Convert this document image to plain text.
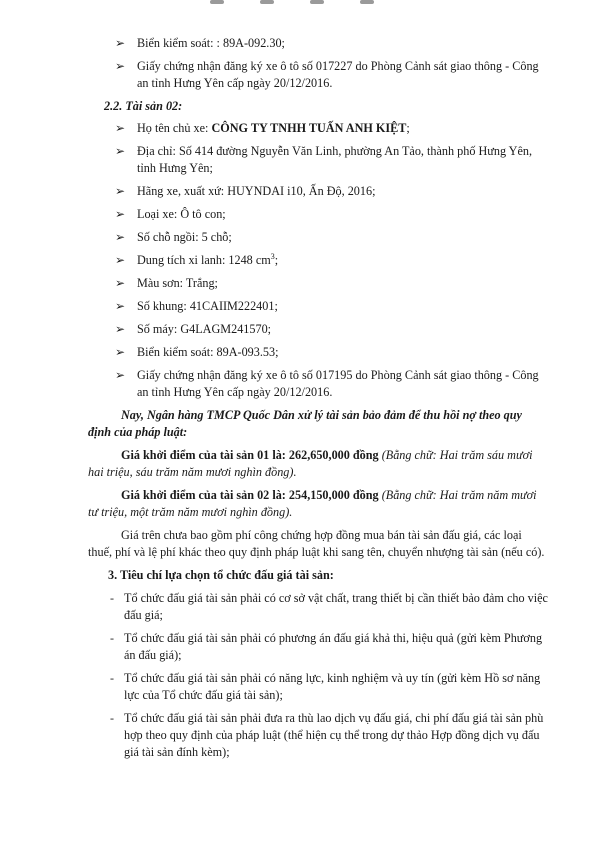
➢ Biển kiểm soát: : 89A-092.30;
➢ Giấy chứng nhận đăng ký xe ô tô số 017227 do Phòng Cảnh sát giao thông - Công
an tỉnh Hưng Yên cấp ngày 20/12/2016.
2.2. Tài sản 02:
➢ Họ tên chủ xe: CÔNG TY TNHH TUẤN ANH KIỆT;
➢ Địa chỉ: Số 414 đường Nguyễn Văn Linh, phường An Tảo, thành phố Hưng Yên,
tỉnh Hưng Yên;
➢ Hãng xe, xuất xứ: HUYNDAI i10, Ấn Độ, 2016;
➢ Loại xe: Ô tô con;
➢ Số chỗ ngồi: 5 chỗ;
➢ Dung tích xi lanh: 1248 $cm^3$;
➢ Màu sơn: Trắng;
➢ Số khung: 41CAIIM222401;
➢ Số máy: G4LAGM241570;
➢ Biển kiểm soát: 89A-093.53;
➢ Giấy chứng nhận đăng ký xe ô tô số 017195 do Phòng Cảnh sát giao thông - Công
an tỉnh Hưng Yên cấp ngày 20/12/2016.
Nay, Ngân hàng TMCP Quốc Dân xử lý tài sản bảo đảm để thu hồi nợ theo quy
định của pháp luật:
Giá khởi điểm của tài sản 01 là: 262,650,000 đồng (Bằng chữ: Hai trăm sáu mươi
hai triệu, sáu trăm năm mươi nghìn đồng).
Giá khởi điểm của tài sản 02 là: 254,150,000 đồng (Bằng chữ: Hai trăm năm mươi
tư triệu, một trăm năm mươi nghìn đồng).
Giá trên chưa bao gồm phí công chứng hợp đồng mua bán tài sản đấu giá, các loại
thuế, phí và lệ phí khác theo quy định pháp luật khi sang tên, chuyển nhượng tài sản (nếu có).
3. Tiêu chí lựa chọn tổ chức đấu giá tài sản:
- Tổ chức đấu giá tài sản phải có cơ sở vật chất, trang thiết bị cần thiết bảo đảm cho việc
đấu giá;
- Tổ chức đấu giá tài sản phải có phương án đấu giá khả thi, hiệu quả (gửi kèm Phương
án đấu giá);
- Tổ chức đấu giá tài sản phải có năng lực, kinh nghiệm và uy tín (gửi kèm Hồ sơ năng
lực của Tổ chức đấu giá tài sản);
- Tổ chức đấu giá tài sản phải đưa ra thù lao dịch vụ đấu giá, chi phí đấu giá tài sản phù
hợp theo quy định của pháp luật (thể hiện cụ thể trong dự thảo Hợp đồng dịch vụ đấu
giá tài sản đính kèm);
